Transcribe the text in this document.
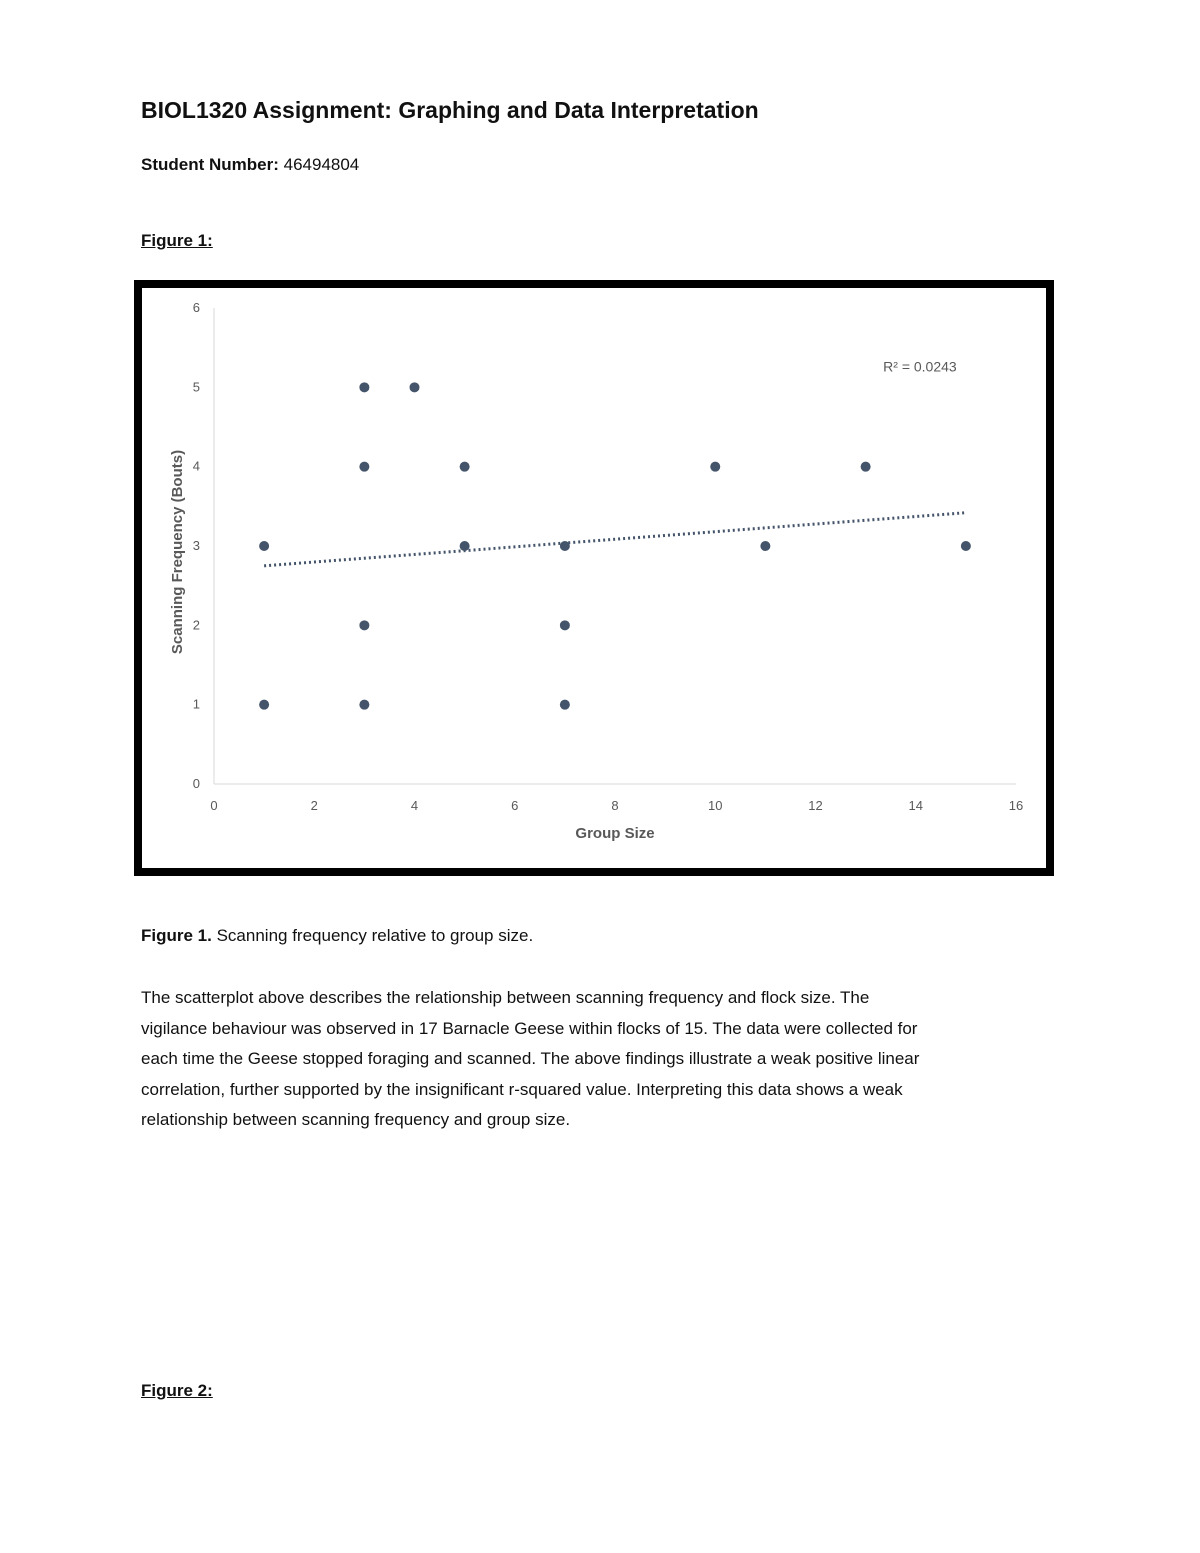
BIOL1320 Assignment: Graphing and Data Interpretation
Student Number: 46494804
Figure 1:
0	2	4	6	8	10	12	14	16
0
1
2
3
4
5
6
Group Size
Scanning Frequency (Bouts)
R² = 0.0243
Figure 1. Scanning frequency relative to group size.
The scatterplot above describes the relationship between scanning frequency and flock size. The
vigilance behaviour was observed in 17 Barnacle Geese within flocks of 15. The data were collected for
each time the Geese stopped foraging and scanned. The above findings illustrate a weak positive linear
correlation, further supported by the insignificant r-squared value. Interpreting this data shows a weak
relationship between scanning frequency and group size.
Figure 2:
